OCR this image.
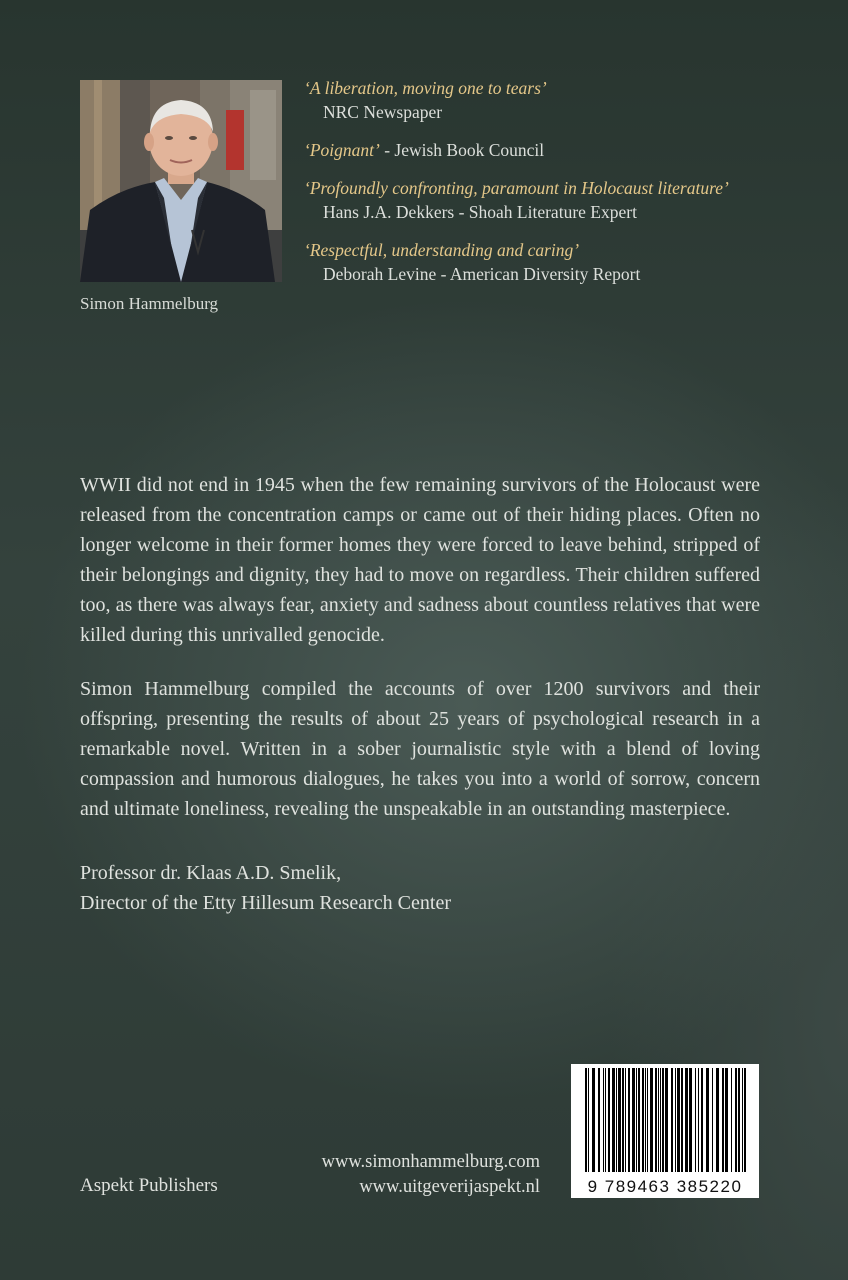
Simon Hammelburg
‘A liberation, moving one to tears’
NRC Newspaper
‘Poignant’ - Jewish Book Council
‘Profoundly confronting, paramount in Holocaust literature’
Hans J.A. Dekkers - Shoah Literature Expert
‘Respectful, understanding and caring’
Deborah Levine - American Diversity Report

WWII did not end in 1945 when the few remaining survivors of the Holocaust were released from the concentration camps or came out of their hiding places. Often no longer welcome in their former homes they were forced to leave behind, stripped of their belongings and dignity, they had to move on regardless. Their children suffered too, as there was always fear, anxiety and sadness about countless relatives that were killed during this unrivalled genocide.

Simon Hammelburg compiled the accounts of over 1200 survivors and their offspring, presenting the results of about 25 years of psychological research in a remarkable novel. Written in a sober journalistic style with a blend of loving compassion and humorous dialogues, he takes you into a world of sorrow, concern and ultimate loneliness, revealing the unspeakable in an outstanding masterpiece.

Professor dr. Klaas A.D. Smelik,
Director of the Etty Hillesum Research Center
Aspekt Publishers
www.simonhammelburg.com
www.uitgeverijaspekt.nl	9 789463 385220
